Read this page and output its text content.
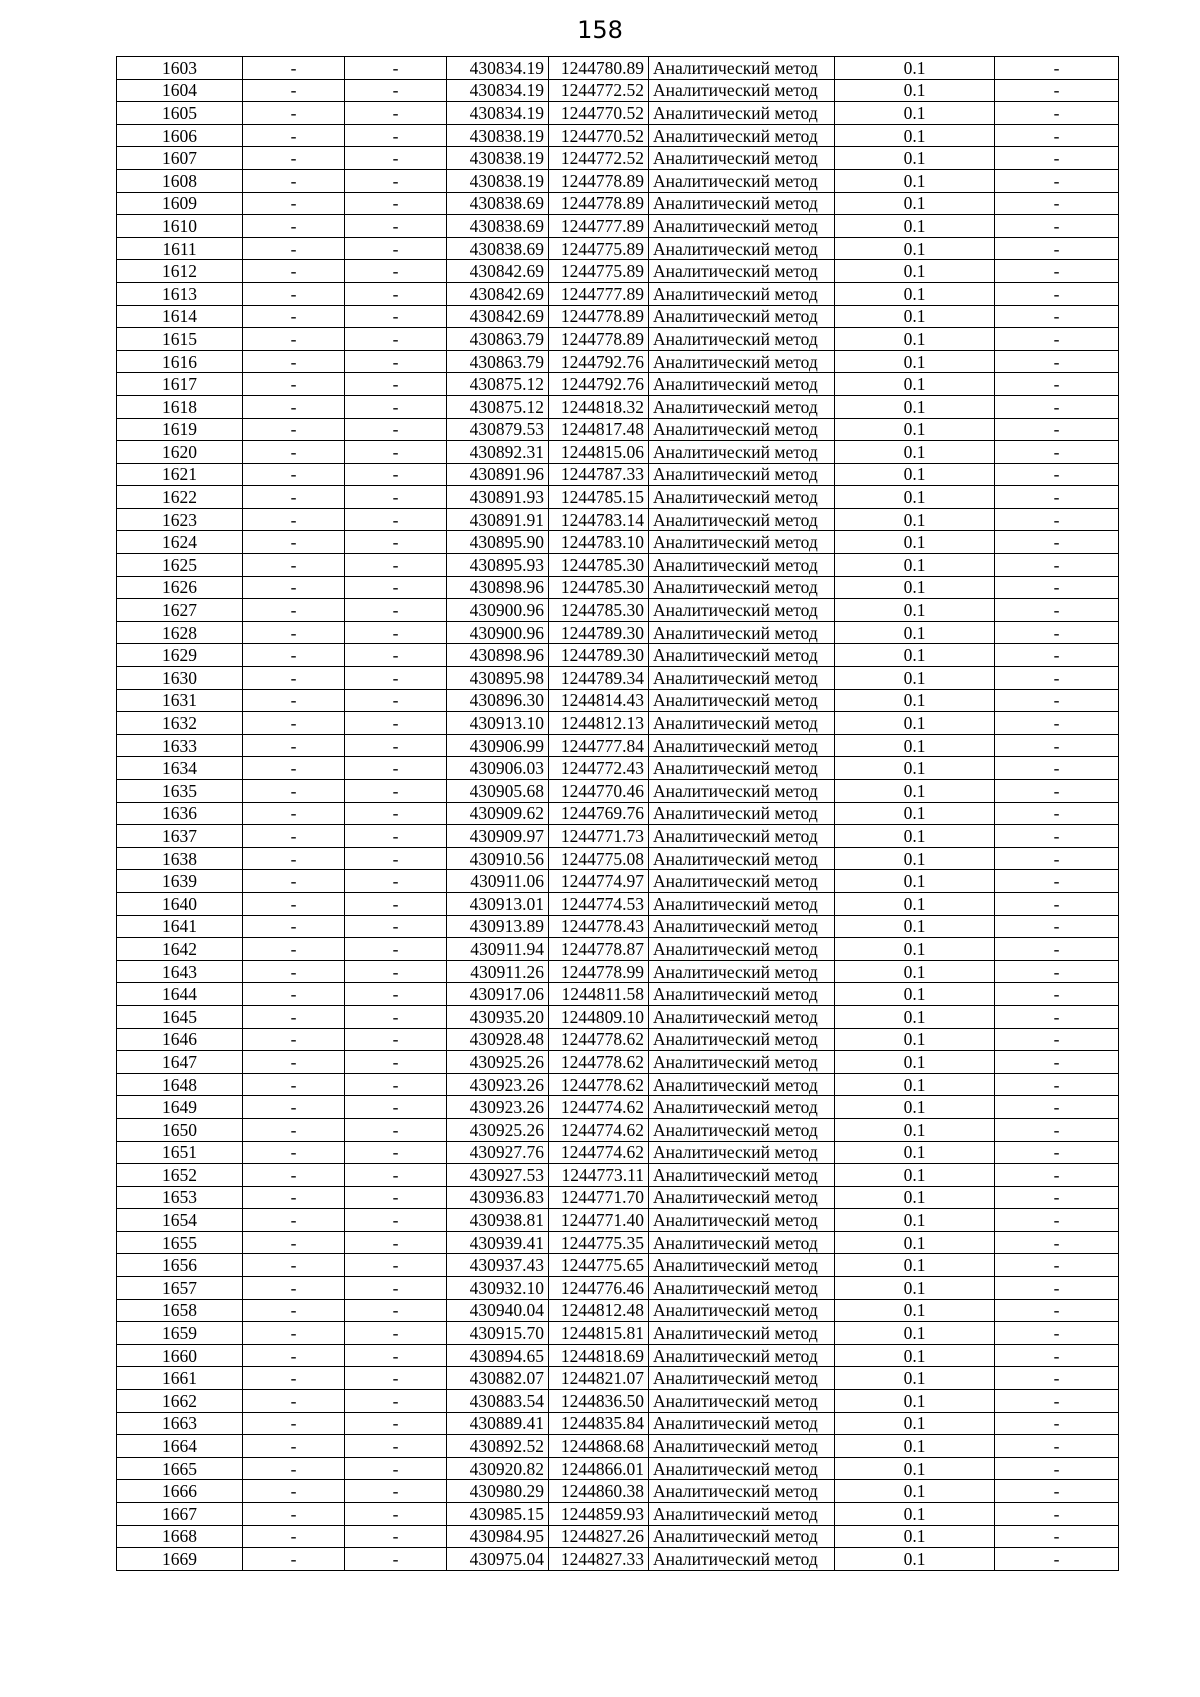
158
1603	-	-	430834.19	1244780.89	Аналитический метод	0.1	-
1604	-	-	430834.19	1244772.52	Аналитический метод	0.1	-
1605	-	-	430834.19	1244770.52	Аналитический метод	0.1	-
1606	-	-	430838.19	1244770.52	Аналитический метод	0.1	-
1607	-	-	430838.19	1244772.52	Аналитический метод	0.1	-
1608	-	-	430838.19	1244778.89	Аналитический метод	0.1	-
1609	-	-	430838.69	1244778.89	Аналитический метод	0.1	-
1610	-	-	430838.69	1244777.89	Аналитический метод	0.1	-
1611	-	-	430838.69	1244775.89	Аналитический метод	0.1	-
1612	-	-	430842.69	1244775.89	Аналитический метод	0.1	-
1613	-	-	430842.69	1244777.89	Аналитический метод	0.1	-
1614	-	-	430842.69	1244778.89	Аналитический метод	0.1	-
1615	-	-	430863.79	1244778.89	Аналитический метод	0.1	-
1616	-	-	430863.79	1244792.76	Аналитический метод	0.1	-
1617	-	-	430875.12	1244792.76	Аналитический метод	0.1	-
1618	-	-	430875.12	1244818.32	Аналитический метод	0.1	-
1619	-	-	430879.53	1244817.48	Аналитический метод	0.1	-
1620	-	-	430892.31	1244815.06	Аналитический метод	0.1	-
1621	-	-	430891.96	1244787.33	Аналитический метод	0.1	-
1622	-	-	430891.93	1244785.15	Аналитический метод	0.1	-
1623	-	-	430891.91	1244783.14	Аналитический метод	0.1	-
1624	-	-	430895.90	1244783.10	Аналитический метод	0.1	-
1625	-	-	430895.93	1244785.30	Аналитический метод	0.1	-
1626	-	-	430898.96	1244785.30	Аналитический метод	0.1	-
1627	-	-	430900.96	1244785.30	Аналитический метод	0.1	-
1628	-	-	430900.96	1244789.30	Аналитический метод	0.1	-
1629	-	-	430898.96	1244789.30	Аналитический метод	0.1	-
1630	-	-	430895.98	1244789.34	Аналитический метод	0.1	-
1631	-	-	430896.30	1244814.43	Аналитический метод	0.1	-
1632	-	-	430913.10	1244812.13	Аналитический метод	0.1	-
1633	-	-	430906.99	1244777.84	Аналитический метод	0.1	-
1634	-	-	430906.03	1244772.43	Аналитический метод	0.1	-
1635	-	-	430905.68	1244770.46	Аналитический метод	0.1	-
1636	-	-	430909.62	1244769.76	Аналитический метод	0.1	-
1637	-	-	430909.97	1244771.73	Аналитический метод	0.1	-
1638	-	-	430910.56	1244775.08	Аналитический метод	0.1	-
1639	-	-	430911.06	1244774.97	Аналитический метод	0.1	-
1640	-	-	430913.01	1244774.53	Аналитический метод	0.1	-
1641	-	-	430913.89	1244778.43	Аналитический метод	0.1	-
1642	-	-	430911.94	1244778.87	Аналитический метод	0.1	-
1643	-	-	430911.26	1244778.99	Аналитический метод	0.1	-
1644	-	-	430917.06	1244811.58	Аналитический метод	0.1	-
1645	-	-	430935.20	1244809.10	Аналитический метод	0.1	-
1646	-	-	430928.48	1244778.62	Аналитический метод	0.1	-
1647	-	-	430925.26	1244778.62	Аналитический метод	0.1	-
1648	-	-	430923.26	1244778.62	Аналитический метод	0.1	-
1649	-	-	430923.26	1244774.62	Аналитический метод	0.1	-
1650	-	-	430925.26	1244774.62	Аналитический метод	0.1	-
1651	-	-	430927.76	1244774.62	Аналитический метод	0.1	-
1652	-	-	430927.53	1244773.11	Аналитический метод	0.1	-
1653	-	-	430936.83	1244771.70	Аналитический метод	0.1	-
1654	-	-	430938.81	1244771.40	Аналитический метод	0.1	-
1655	-	-	430939.41	1244775.35	Аналитический метод	0.1	-
1656	-	-	430937.43	1244775.65	Аналитический метод	0.1	-
1657	-	-	430932.10	1244776.46	Аналитический метод	0.1	-
1658	-	-	430940.04	1244812.48	Аналитический метод	0.1	-
1659	-	-	430915.70	1244815.81	Аналитический метод	0.1	-
1660	-	-	430894.65	1244818.69	Аналитический метод	0.1	-
1661	-	-	430882.07	1244821.07	Аналитический метод	0.1	-
1662	-	-	430883.54	1244836.50	Аналитический метод	0.1	-
1663	-	-	430889.41	1244835.84	Аналитический метод	0.1	-
1664	-	-	430892.52	1244868.68	Аналитический метод	0.1	-
1665	-	-	430920.82	1244866.01	Аналитический метод	0.1	-
1666	-	-	430980.29	1244860.38	Аналитический метод	0.1	-
1667	-	-	430985.15	1244859.93	Аналитический метод	0.1	-
1668	-	-	430984.95	1244827.26	Аналитический метод	0.1	-
1669	-	-	430975.04	1244827.33	Аналитический метод	0.1	-
